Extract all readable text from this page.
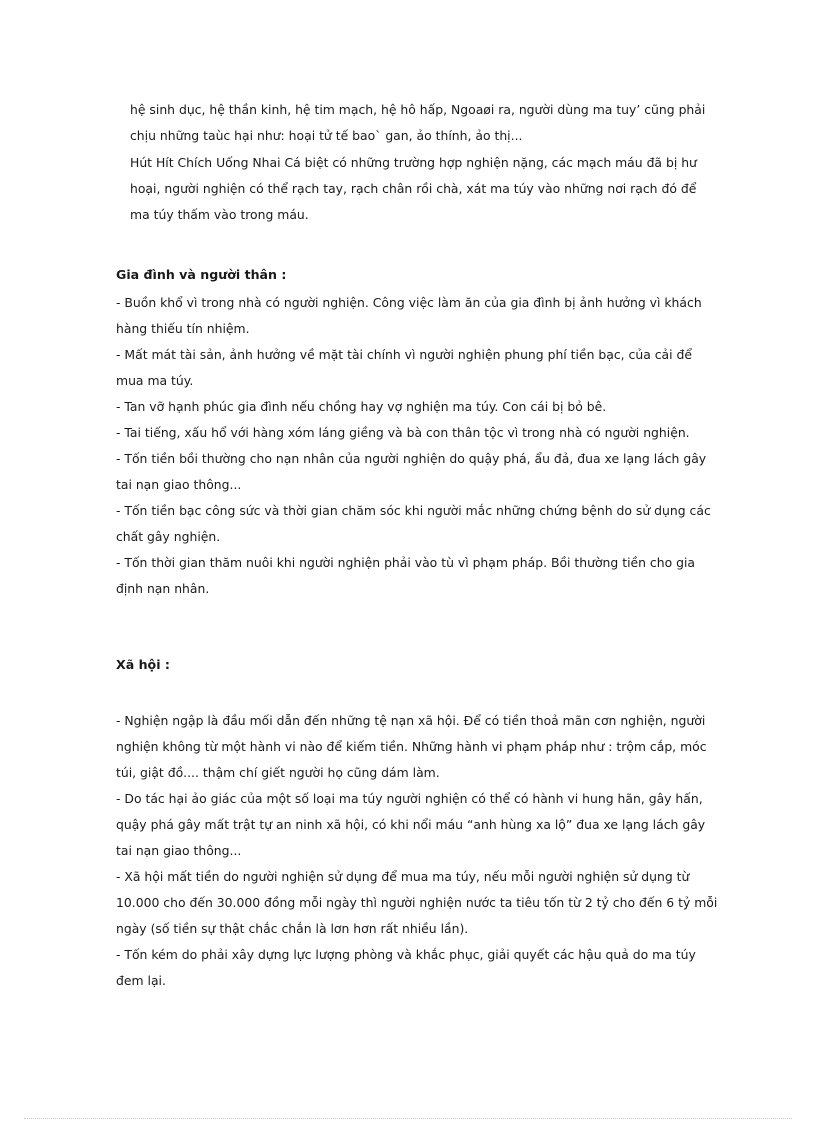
hệ sinh dục, hệ thần kinh, hệ tim mạch, hệ hô hấp, Ngoaøi ra, người dùng ma tuy’ cũng phải
chịu những taùc hại như: hoại tử tế bao` gan, ảo thính, ảo thị...
Hút Hít Chích Uống Nhai Cá biệt có những trường hợp nghiện nặng, các mạch máu đã bị hư
hoại, người nghiện có thể rạch tay, rạch chân rồi chà, xát ma túy vào những nơi rạch đó để
ma túy thấm vào trong máu.
Gia đình và người thân :
- Buồn khổ vì trong nhà có người nghiện. Công việc làm ăn của gia đình bị ảnh hưởng vì khách
hàng thiếu tín nhiệm.
- Mất mát tài sản, ảnh hưởng về mặt tài chính vì người nghiện phung phí tiền bạc, của cải để
mua ma túy.
- Tan vỡ hạnh phúc gia đình nếu chồng hay vợ nghiện ma túy. Con cái bị bỏ bê.
- Tai tiếng, xấu hổ với hàng xóm láng giềng và bà con thân tộc vì trong nhà có người nghiện.
- Tốn tiền bồi thường cho nạn nhân của người nghiện do quậy phá, ẩu đả, đua xe lạng lách gây
tai nạn giao thông...
- Tốn tiền bạc công sức và thời gian chăm sóc khi người mắc những chứng bệnh do sử dụng các
chất gây nghiện.
- Tốn thời gian thăm nuôi khi người nghiện phải vào tù vì phạm pháp. Bồi thường tiền cho gia
định nạn nhân.
Xã hội :
- Nghiện ngập là đầu mối dẫn đến những tệ nạn xã hội. Để có tiền thoả mãn cơn nghiện, người
nghiện không từ một hành vi nào để kiếm tiền. Những hành vi phạm pháp như : trộm cắp, móc
túi, giật đồ.... thậm chí giết người họ cũng dám làm.
- Do tác hại ảo giác của một số loại ma túy người nghiện có thể có hành vi hung hãn, gây hấn,
quậy phá gây mất trật tự an ninh xã hội, có khi nổi máu “anh hùng xa lộ” đua xe lạng lách gây
tai nạn giao thông...
- Xã hội mất tiền do người nghiện sử dụng để mua ma túy, nếu mỗi người nghiện sử dụng từ
10.000 cho đến 30.000 đồng mỗi ngày thì người nghiện nước ta tiêu tốn từ 2 tỷ cho đến 6 tỷ mỗi
ngày (số tiền sự thật chắc chắn là lơn hơn rất nhiều lần).
- Tốn kém do phải xây dựng lực lượng phòng và khắc phục, giải quyết các hậu quả do ma túy
đem lại.
